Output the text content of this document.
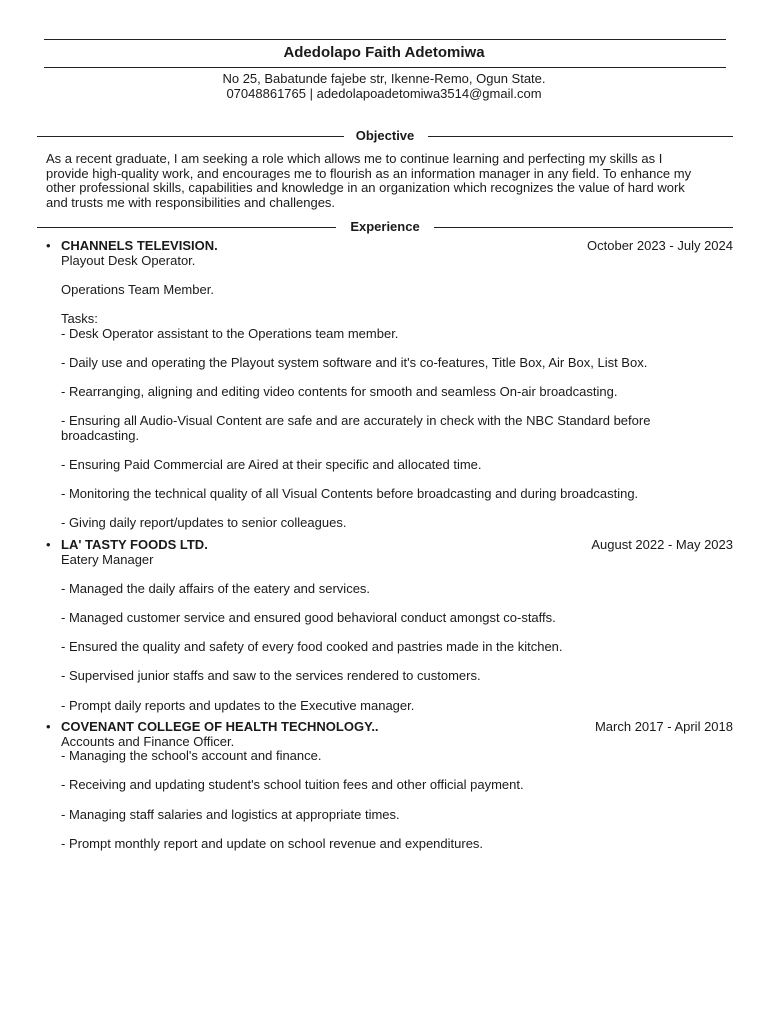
Adedolapo Faith Adetomiwa
No 25, Babatunde fajebe str, Ikenne-Remo, Ogun State.
07048861765 | adedolapoadetomiwa3514@gmail.com
Objective
As a recent graduate, I am seeking a role which allows me to continue learning and perfecting my skills as I
provide high-quality work, and encourages me to flourish as an information manager in any field. To enhance my
other professional skills, capabilities and knowledge in an organization which recognizes the value of hard work
and trusts me with responsibilities and challenges.
Experience
• CHANNELS TELEVISION.	October 2023 - July 2024

Playout Desk Operator.

Operations Team Member.

Tasks:

- Desk Operator assistant to the Operations team member.

- Daily use and operating the Playout system software and it's co-features, Title Box, Air Box, List Box.

- Rearranging, aligning and editing video contents for smooth and seamless On-air broadcasting.

- Ensuring all Audio-Visual Content are safe and are accurately in check with the NBC Standard before

broadcasting.

- Ensuring Paid Commercial are Aired at their specific and allocated time.

- Monitoring the technical quality of all Visual Contents before broadcasting and during broadcasting.

- Giving daily report/updates to senior colleagues.

• LA' TASTY FOODS LTD.	August 2022 - May 2023

Eatery Manager

- Managed the daily affairs of the eatery and services.

- Managed customer service and ensured good behavioral conduct amongst co-staffs.

- Ensured the quality and safety of every food cooked and pastries made in the kitchen.

- Supervised junior staffs and saw to the services rendered to customers.

- Prompt daily reports and updates to the Executive manager.

• COVENANT COLLEGE OF HEALTH TECHNOLOGY..	March 2017 - April 2018

Accounts and Finance Officer.

- Managing the school's account and finance.

- Receiving and updating student's school tuition fees and other official payment.

- Managing staff salaries and logistics at appropriate times.

- Prompt monthly report and update on school revenue and expenditures.
